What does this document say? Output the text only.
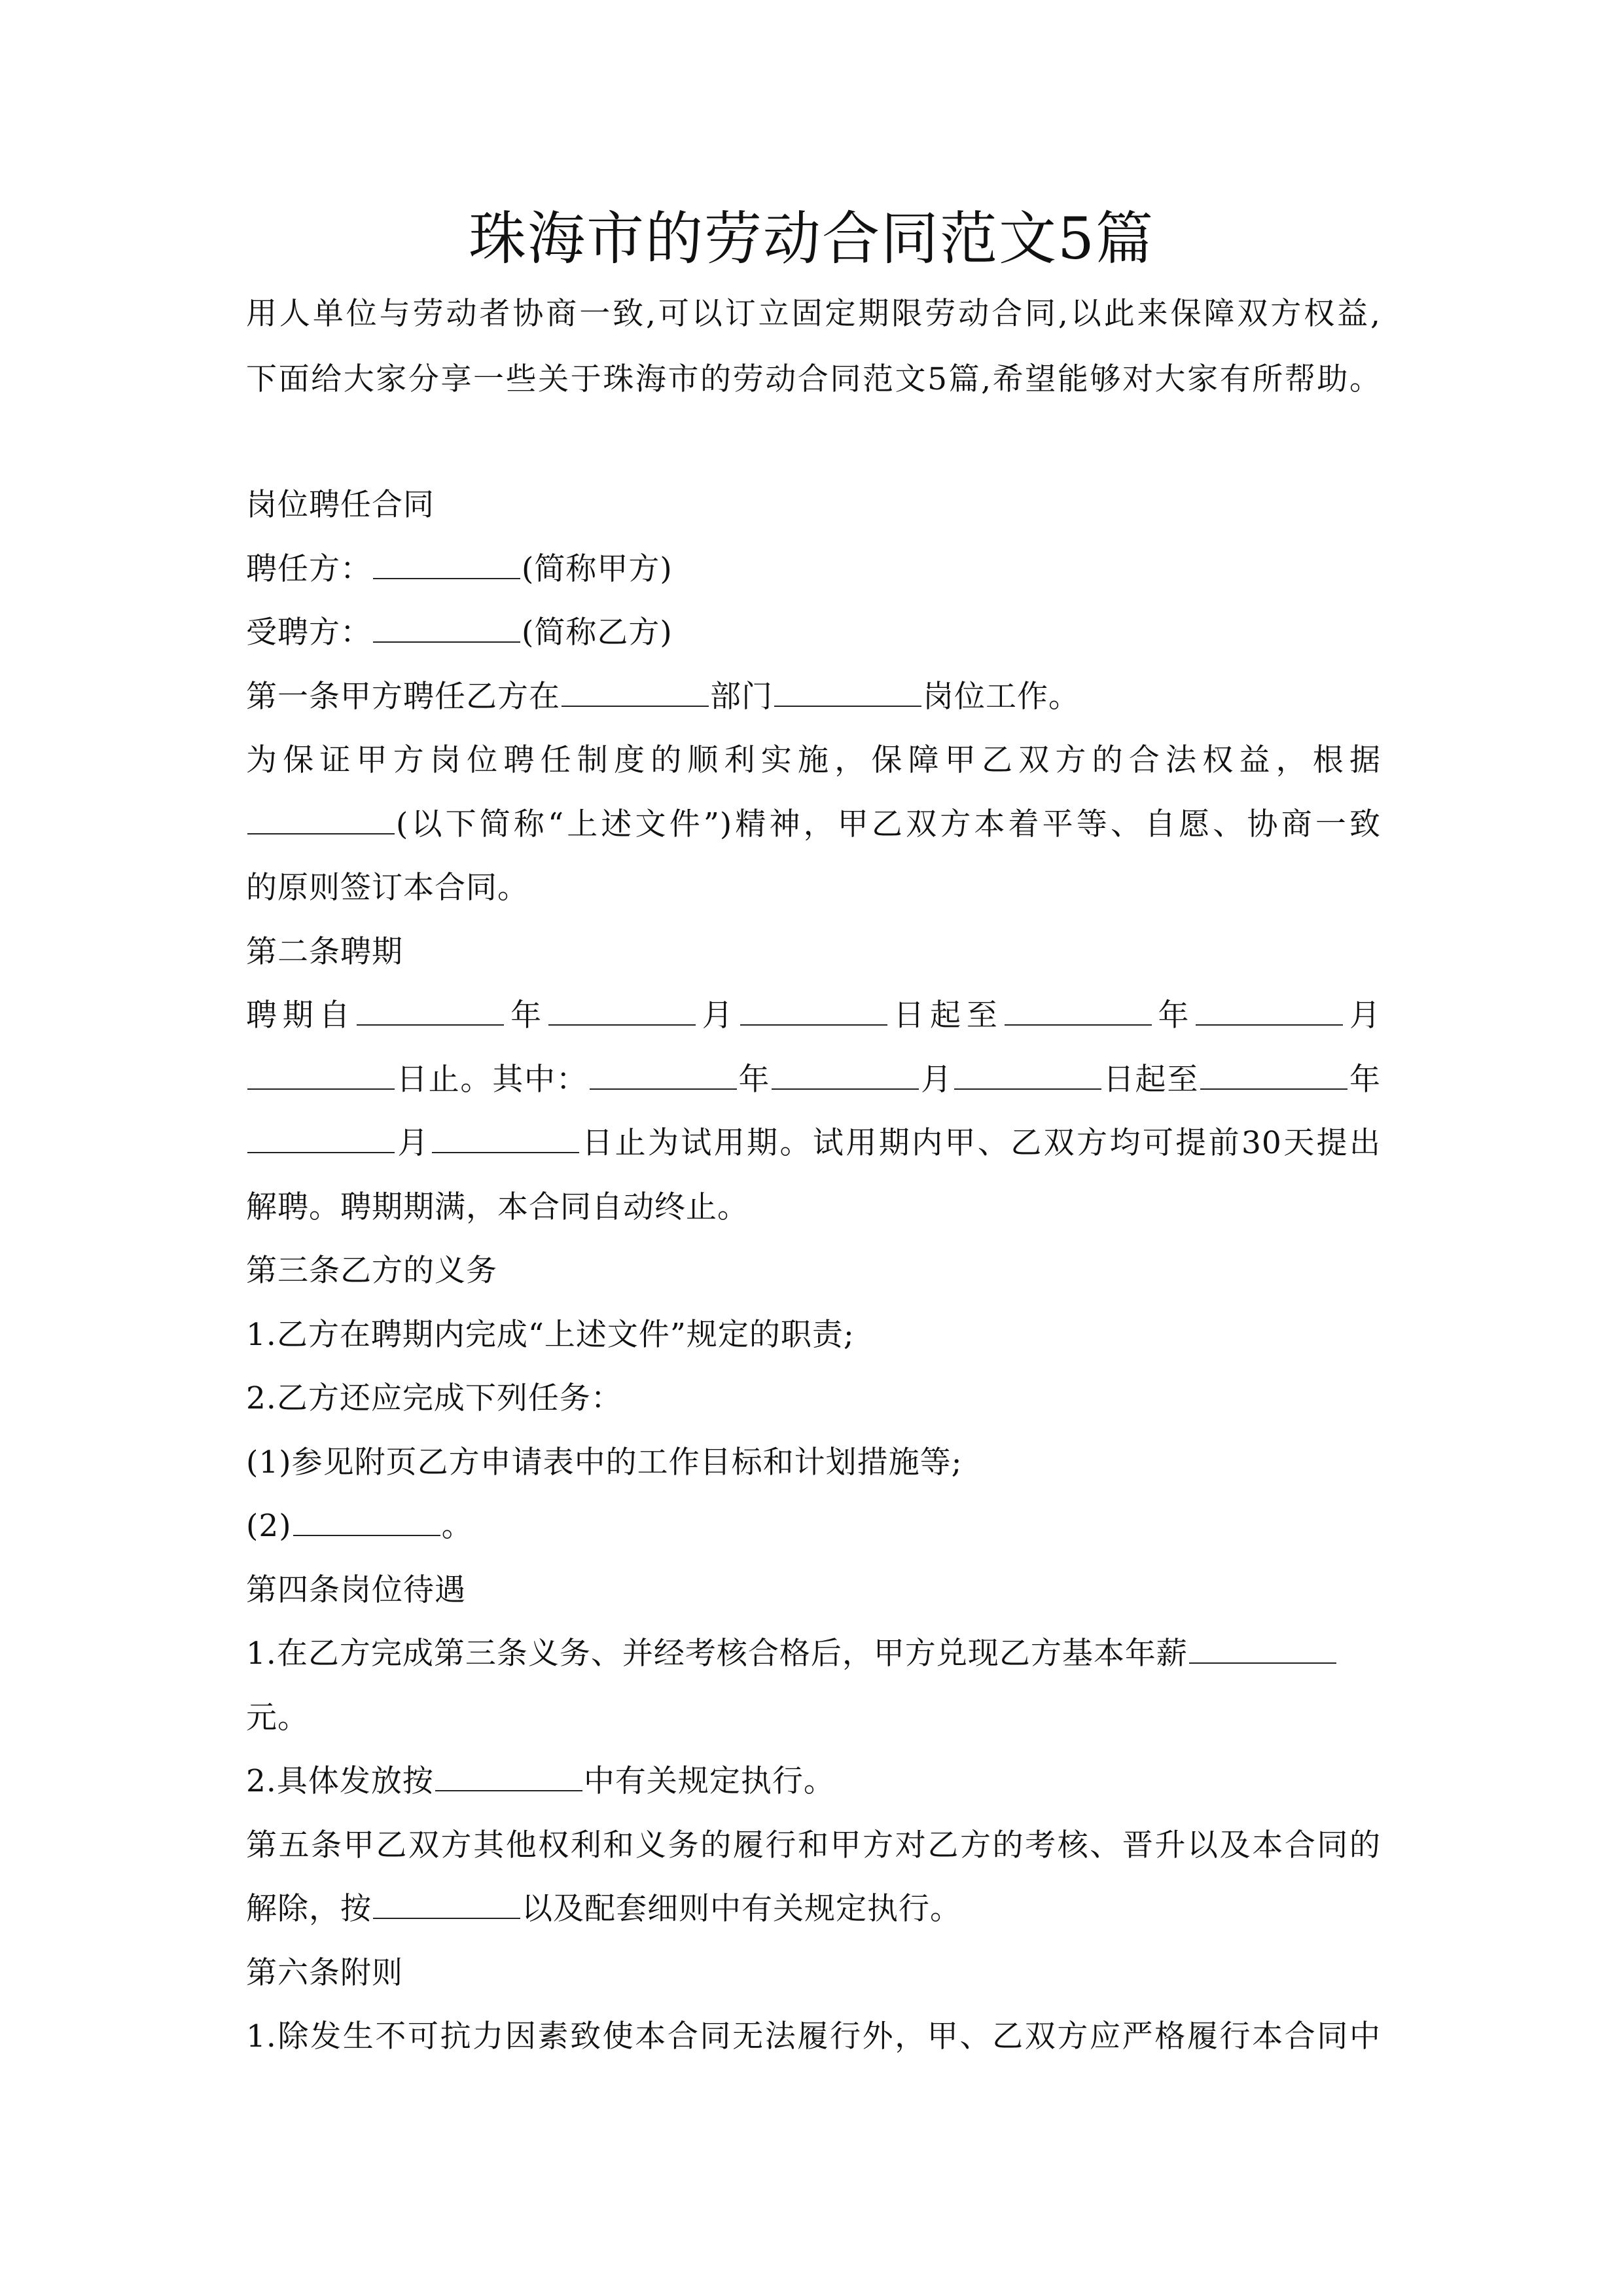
珠海市的劳动合同范文5篇

用人单位与劳动者协商一致,可以订立固定期限劳动合同,以此来保障双方权益,

下面给大家分享一些关于珠海市的劳动合同范文5篇,希望能够对大家有所帮助。

岗位聘任合同

聘任方：	(简称甲方)

受聘方：	(简称乙方)

第一条甲方聘任乙方在	部门	岗位工作。

为保证甲方岗位聘任制度的顺利实施，保障甲乙双方的合法权益，根据

(以下简称“上述文件”)精神，甲乙双方本着平等、自愿、协商一致

的原则签订本合同。

第二条聘期

聘期自	年	月	日起至	年	月

日止。其中：	年	月	日起至	年

月	日止为试用期。试用期内甲、乙双方均可提前30天提出

解聘。聘期期满，本合同自动终止。

第三条乙方的义务

1.乙方在聘期内完成“上述文件”规定的职责;

2.乙方还应完成下列任务：

(1)参见附页乙方申请表中的工作目标和计划措施等;

(2)	。

第四条岗位待遇

1.在乙方完成第三条义务、并经考核合格后，甲方兑现乙方基本年薪

元。

2.具体发放按	中有关规定执行。

第五条甲乙双方其他权利和义务的履行和甲方对乙方的考核、晋升以及本合同的

解除，按	以及配套细则中有关规定执行。

第六条附则

1.除发生不可抗力因素致使本合同无法履行外，甲、乙双方应严格履行本合同中
